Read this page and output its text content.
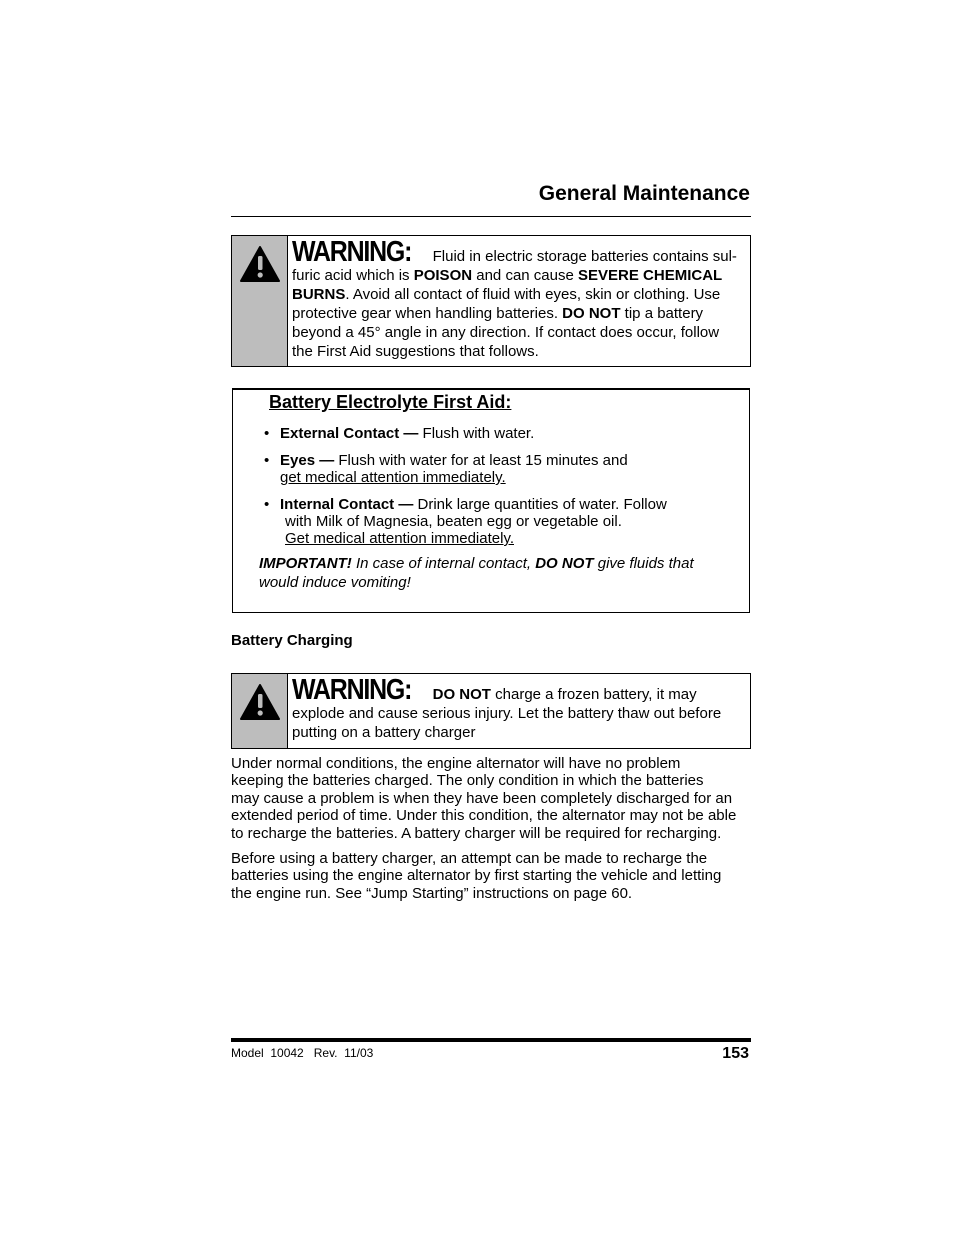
General Maintenance
WARNING: Fluid in electric storage batteries contains sul-
furic acid which is POISON and can cause SEVERE CHEMICAL
BURNS. Avoid all contact of fluid with eyes, skin or clothing. Use
protective gear when handling batteries. DO NOT tip a battery
beyond a 45° angle in any direction. If contact does occur, follow
the First Aid suggestions that follows.
Battery Electrolyte First Aid:
• External Contact — Flush with water.
• Eyes — Flush with water for at least 15 minutes and
get medical attention immediately.
• Internal Contact — Drink large quantities of water. Follow
with Milk of Magnesia, beaten egg or vegetable oil.
Get medical attention immediately.
IMPORTANT! In case of internal contact, DO NOT give fluids that
would induce vomiting!
Battery Charging
WARNING: DO NOT charge a frozen battery, it may
explode and cause serious injury. Let the battery thaw out before
putting on a battery charger
Under normal conditions, the engine alternator will have no problem
keeping the batteries charged. The only condition in which the batteries
may cause a problem is when they have been completely discharged for an
extended period of time. Under this condition, the alternator may not be able
to recharge the batteries. A battery charger will be required for recharging.
Before using a battery charger, an attempt can be made to recharge the
batteries using the engine alternator by first starting the vehicle and letting
the engine run. See “Jump Starting” instructions on page 60.
Model  10042   Rev.  11/03	153
